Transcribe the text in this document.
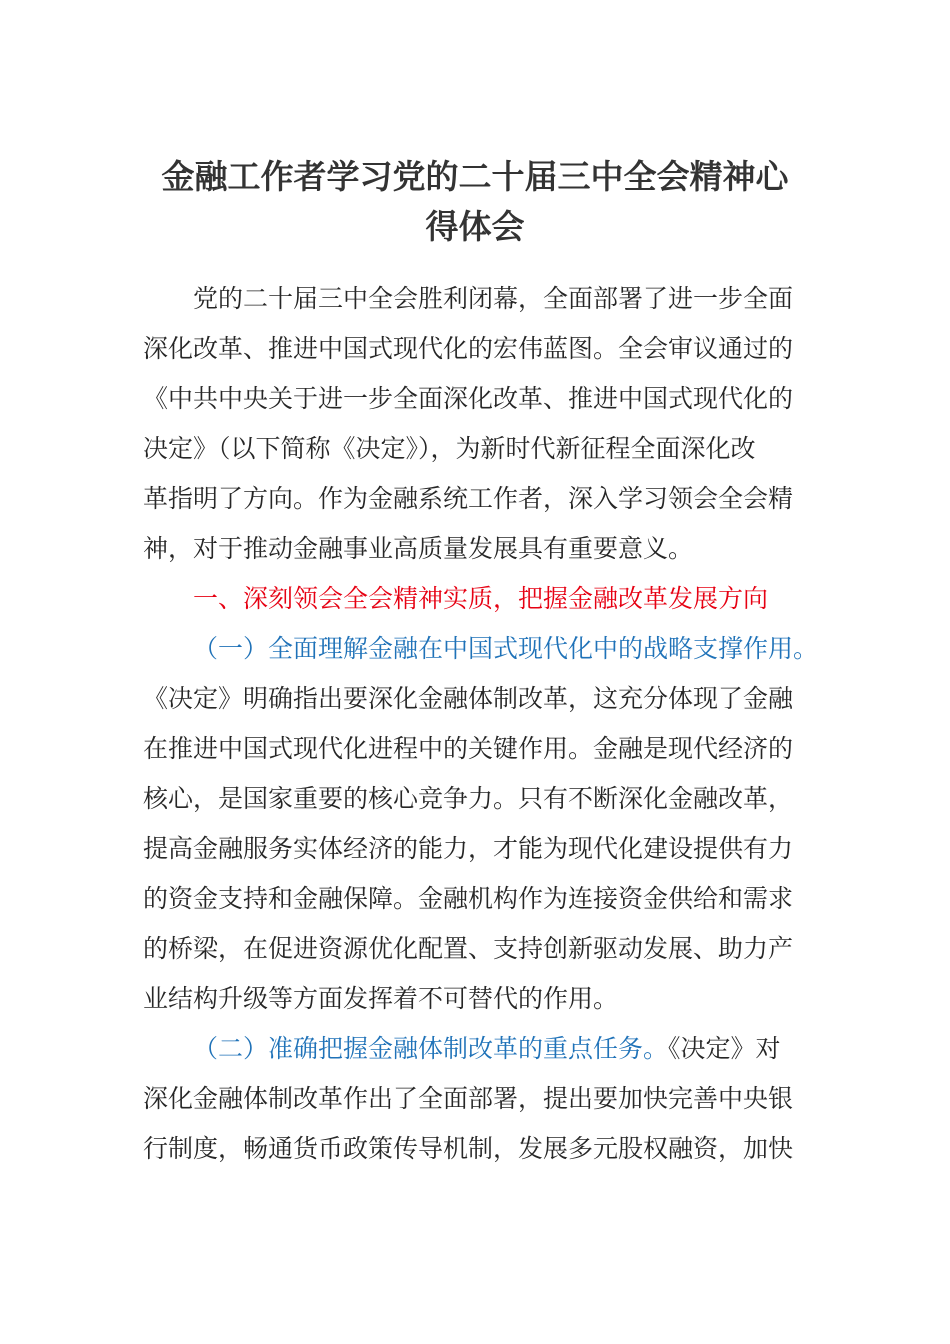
金融工作者学习党的二十届三中全会精神心
得体会

党的二十届三中全会胜利闭幕，全面部署了进一步全面

深化改革、推进中国式现代化的宏伟蓝图。全会审议通过的

《中共中央关于进一步全面深化改革、推进中国式现代化的

决定》（以下简称《决定》），为新时代新征程全面深化改

革指明了方向。作为金融系统工作者，深入学习领会全会精

神，对于推动金融事业高质量发展具有重要意义。

一、深刻领会全会精神实质，把握金融改革发展方向

（一）全面理解金融在中国式现代化中的战略支撑作用。

《决定》明确指出要深化金融体制改革，这充分体现了金融

在推进中国式现代化进程中的关键作用。金融是现代经济的

核心，是国家重要的核心竞争力。只有不断深化金融改革，

提高金融服务实体经济的能力，才能为现代化建设提供有力

的资金支持和金融保障。金融机构作为连接资金供给和需求

的桥梁，在促进资源优化配置、支持创新驱动发展、助力产

业结构升级等方面发挥着不可替代的作用。

（二）准确把握金融体制改革的重点任务。《决定》对

深化金融体制改革作出了全面部署，提出要加快完善中央银

行制度，畅通货币政策传导机制，发展多元股权融资，加快
